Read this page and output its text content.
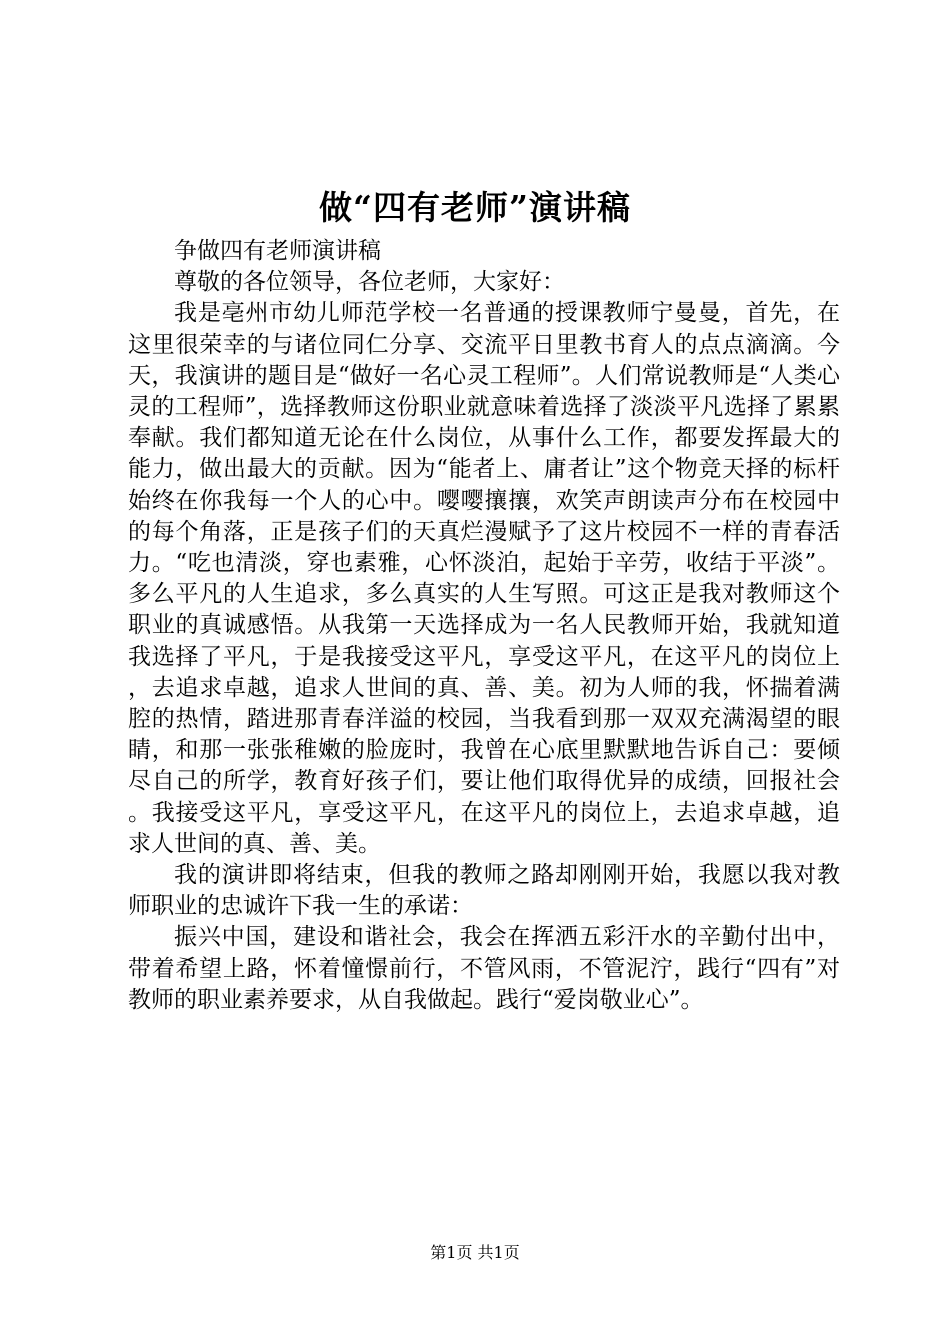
做“四有老师”演讲稿

争做四有老师演讲稿

尊敬的各位领导，各位老师，大家好：

我是亳州市幼儿师范学校一名普通的授课教师宁曼曼，首先，在这里很荣幸的与诸位同仁分享、交流平日里教书育人的点点滴滴。今天，我演讲的题目是“做好一名心灵工程师”。人们常说教师是“人类心灵的工程师”，选择教师这份职业就意味着选择了淡淡平凡选择了累累奉献。我们都知道无论在什么岗位，从事什么工作，都要发挥最大的能力，做出最大的贡献。因为“能者上、庸者让”这个物竞天择的标杆始终在你我每一个人的心中。嘤嘤攘攘，欢笑声朗读声分布在校园中的每个角落，正是孩子们的天真烂漫赋予了这片校园不一样的青春活力。“吃也清淡，穿也素雅，心怀淡泊，起始于辛劳，收结于平淡”。多么平凡的人生追求，多么真实的人生写照。可这正是我对教师这个职业的真诚感悟。从我第一天选择成为一名人民教师开始，我就知道我选择了平凡，于是我接受这平凡，享受这平凡，在这平凡的岗位上，去追求卓越，追求人世间的真、善、美。初为人师的我，怀揣着满腔的热情，踏进那青春洋溢的校园，当我看到那一双双充满渴望的眼睛，和那一张张稚嫩的脸庞时，我曾在心底里默默地告诉自己：要倾尽自己的所学，教育好孩子们，要让他们取得优异的成绩，回报社会。我接受这平凡，享受这平凡，在这平凡的岗位上，去追求卓越，追求人世间的真、善、美。

我的演讲即将结束，但我的教师之路却刚刚开始，我愿以我对教师职业的忠诚许下我一生的承诺：

振兴中国，建设和谐社会，我会在挥洒五彩汗水的辛勤付出中，带着希望上路，怀着憧憬前行，不管风雨，不管泥泞，践行“四有”对教师的职业素养要求，从自我做起。践行“爱岗敬业心”。

第1页 共1页
